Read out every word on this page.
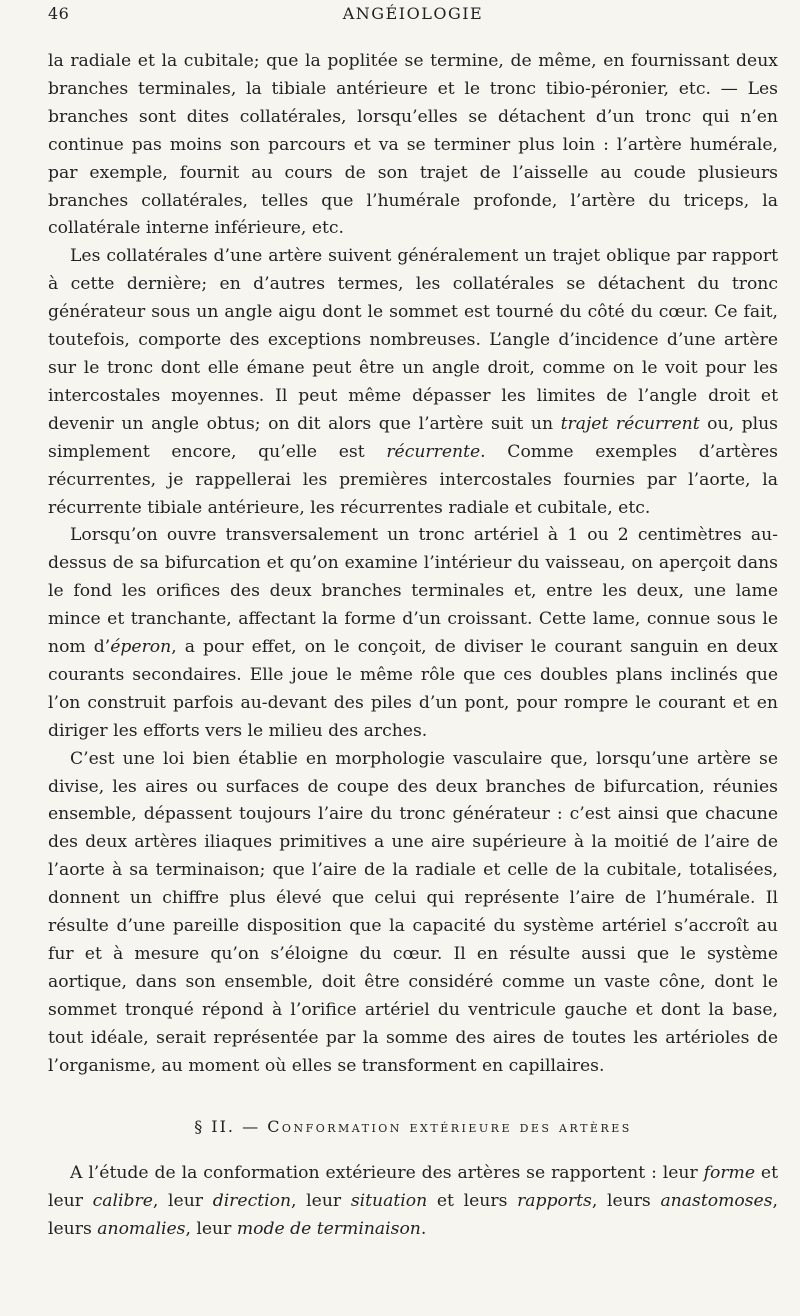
46	ANGÉIOLOGIE

la radiale et la cubitale; que la poplitée se termine, de même, en fournissant deux branches terminales, la tibiale antérieure et le tronc tibio-péronier, etc. — Les branches sont dites collatérales, lorsqu’elles se détachent d’un tronc qui n’en continue pas moins son parcours et va se terminer plus loin : l’artère humérale, par exemple, fournit au cours de son trajet de l’aisselle au coude plusieurs branches collatérales, telles que l’humérale profonde, l’artère du triceps, la collatérale interne inférieure, etc.

Les collatérales d’une artère suivent généralement un trajet oblique par rapport à cette dernière; en d’autres termes, les collatérales se détachent du tronc générateur sous un angle aigu dont le sommet est tourné du côté du cœur. Ce fait, toutefois, comporte des exceptions nombreuses. L’angle d’incidence d’une artère sur le tronc dont elle émane peut être un angle droit, comme on le voit pour les intercostales moyennes. Il peut même dépasser les limites de l’angle droit et devenir un angle obtus; on dit alors que l’artère suit un trajet récurrent ou, plus simplement encore, qu’elle est récurrente. Comme exemples d’artères récurrentes, je rappellerai les premières intercostales fournies par l’aorte, la récurrente tibiale antérieure, les récurrentes radiale et cubitale, etc.

Lorsqu’on ouvre transversalement un tronc artériel à 1 ou 2 centimètres au-dessus de sa bifurcation et qu’on examine l’intérieur du vaisseau, on aperçoit dans le fond les orifices des deux branches terminales et, entre les deux, une lame mince et tranchante, affectant la forme d’un croissant. Cette lame, connue sous le nom d’éperon, a pour effet, on le conçoit, de diviser le courant sanguin en deux courants secondaires. Elle joue le même rôle que ces doubles plans inclinés que l’on construit parfois au-devant des piles d’un pont, pour rompre le courant et en diriger les efforts vers le milieu des arches.

C’est une loi bien établie en morphologie vasculaire que, lorsqu’une artère se divise, les aires ou surfaces de coupe des deux branches de bifurcation, réunies ensemble, dépassent toujours l’aire du tronc générateur : c’est ainsi que chacune des deux artères iliaques primitives a une aire supérieure à la moitié de l’aire de l’aorte à sa terminaison; que l’aire de la radiale et celle de la cubitale, totalisées, donnent un chiffre plus élevé que celui qui représente l’aire de l’humérale. Il résulte d’une pareille disposition que la capacité du système artériel s’accroît au fur et à mesure qu’on s’éloigne du cœur. Il en résulte aussi que le système aortique, dans son ensemble, doit être considéré comme un vaste cône, dont le sommet tronqué répond à l’orifice artériel du ventricule gauche et dont la base, tout idéale, serait représentée par la somme des aires de toutes les artérioles de l’organisme, au moment où elles se transforment en capillaires.

§ II. — Conformation extérieure des artères

A l’étude de la conformation extérieure des artères se rapportent : leur forme et leur calibre, leur direction, leur situation et leurs rapports, leurs anastomoses, leurs anomalies, leur mode de terminaison.
